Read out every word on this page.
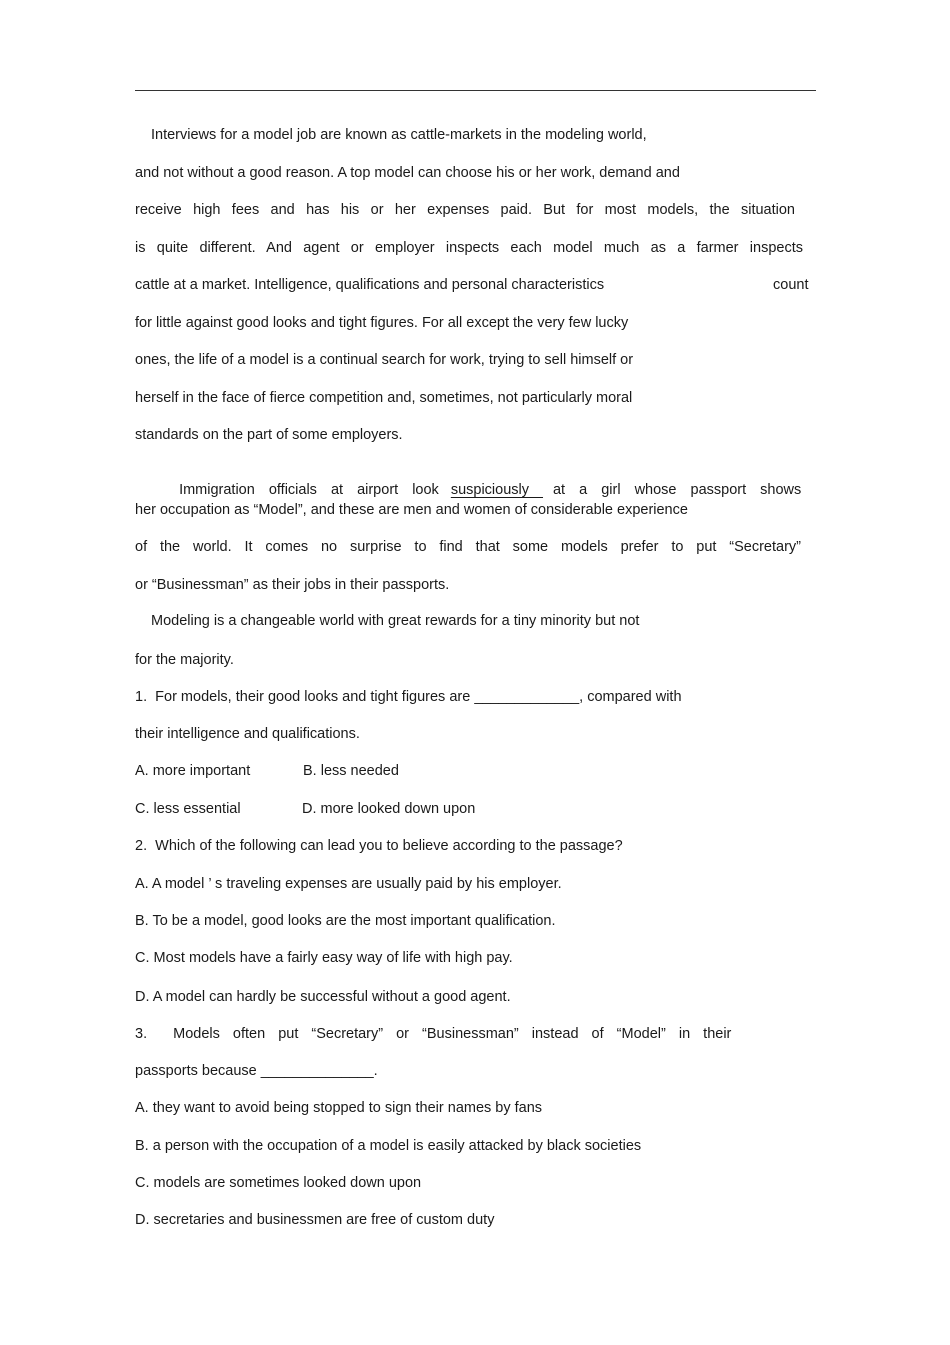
Interviews for a model job are known as cattle-markets in the modeling world,
and not without a good reason. A top model can choose his or her work, demand and
receive high fees and has his or her expenses paid. But for most models, the situation
is quite different. And agent or employer inspects each model much as a farmer inspects
cattle at a market. Intelligence, qualifications and personal characteristics	count
for little against good looks and tight figures. For all except the very few lucky
ones, the life of a model is a continual search for work, trying to sell himself or
herself in the face of fierce competition and, sometimes, not particularly moral
standards on the part of some employers.

Immigration officials at airport look suspiciously at a girl whose passport shows

her occupation as “Model”, and these are men and women of considerable experience
of the world. It comes no surprise to find that some models prefer to put “Secretary”
or “Businessman” as their jobs in their passports.
Modeling is a changeable world with great rewards for a tiny minority but not
for the majority.
1.  For models, their good looks and tight figures are _____________, compared with
their intelligence and qualifications.
A. more important	B. less needed
C. less essential	D. more looked down upon
2.  Which of the following can lead you to believe according to the passage?
A. A model ’ s traveling expenses are usually paid by his employer.
B. To be a model, good looks are the most important qualification.
C. Most models have a fairly easy way of life with high pay.
D. A model can hardly be successful without a good agent.
3.  Models often put “Secretary” or “Businessman” instead of “Model” in their
passports because ______________.
A. they want to avoid being stopped to sign their names by fans
B. a person with the occupation of a model is easily attacked by black societies
C. models are sometimes looked down upon
D. secretaries and businessmen are free of custom duty
